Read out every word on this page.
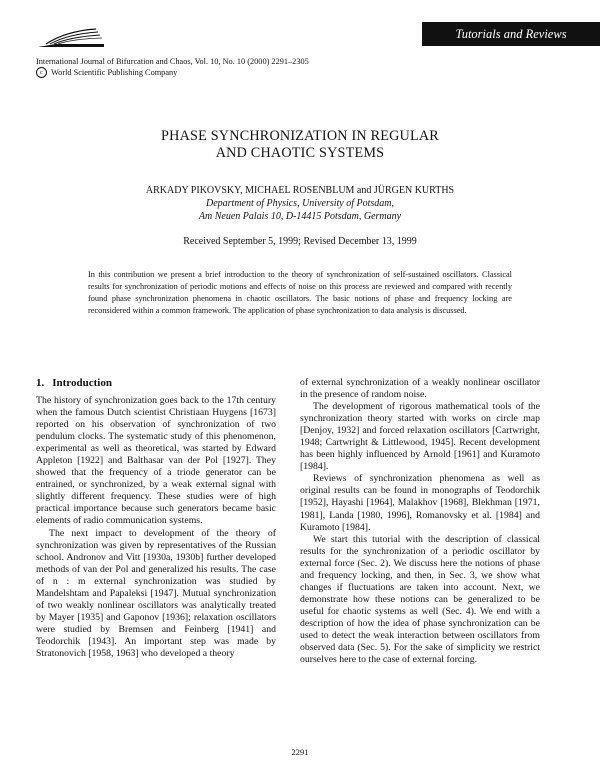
Tutorials and Reviews
International Journal of Bifurcation and Chaos, Vol. 10, No. 10 (2000) 2291–2305
c World Scientific Publishing Company
PHASE SYNCHRONIZATION IN REGULAR
AND CHAOTIC SYSTEMS
ARKADY PIKOVSKY, MICHAEL ROSENBLUM and JÜRGEN KURTHS
Department of Physics, University of Potsdam,
Am Neuen Palais 10, D-14415 Potsdam, Germany
Received September 5, 1999; Revised December 13, 1999
In this contribution we present a brief introduction to the theory of synchronization of self-sustained oscillators. Classical results for synchronization of periodic motions and effects of noise on this process are reviewed and compared with recently found phase synchronization phenomena in chaotic oscillators. The basic notions of phase and frequency locking are reconsidered within a common framework. The application of phase synchronization to data analysis is discussed.
1. Introduction

The history of synchronization goes back to the 17th century when the famous Dutch scientist Christiaan Huygens [1673] reported on his observation of synchronization of two pendulum clocks. The systematic study of this phenomenon, experimental as well as theoretical, was started by Edward Appleton [1922] and Balthasar van der Pol [1927]. They showed that the frequency of a triode generator can be entrained, or synchronized, by a weak external signal with slightly different frequency. These studies were of high practical importance because such generators became basic elements of radio communication systems.

The next impact to development of the theory of synchronization was given by representatives of the Russian school. Andronov and Vitt [1930a, 1930b] further developed methods of van der Pol and generalized his results. The case of n : m external synchronization was studied by Mandelshtam and Papaleksi [1947]. Mutual synchronization of two weakly nonlinear oscillators was analytically treated by Mayer [1935] and Gaponov [1936]; relaxation oscillators were studied by Bremsen and Feinberg [1941] and Teodorchik [1943]. An important step was made by Stratonovich [1958, 1963] who developed a theory

of external synchronization of a weakly nonlinear oscillator in the presence of random noise.

The development of rigorous mathematical tools of the synchronization theory started with works on circle map [Denjoy, 1932] and forced relaxation oscillators [Cartwright, 1948; Cartwright & Littlewood, 1945]. Recent development has been highly influenced by Arnold [1961] and Kuramoto [1984].

Reviews of synchronization phenomena as well as original results can be found in monographs of Teodorchik [1952], Hayashi [1964], Malakhov [1968], Blekhman [1971, 1981], Landa [1980, 1996], Romanovsky et al. [1984] and Kuramoto [1984].

We start this tutorial with the description of classical results for the synchronization of a periodic oscillator by external force (Sec. 2). We discuss here the notions of phase and frequency locking, and then, in Sec. 3, we show what changes if fluctuations are taken into account. Next, we demonstrate how these notions can be generalized to be useful for chaotic systems as well (Sec. 4). We end with a description of how the idea of phase synchronization can be used to detect the weak interaction between oscillators from observed data (Sec. 5). For the sake of simplicity we restrict ourselves here to the case of external forcing.

2291
